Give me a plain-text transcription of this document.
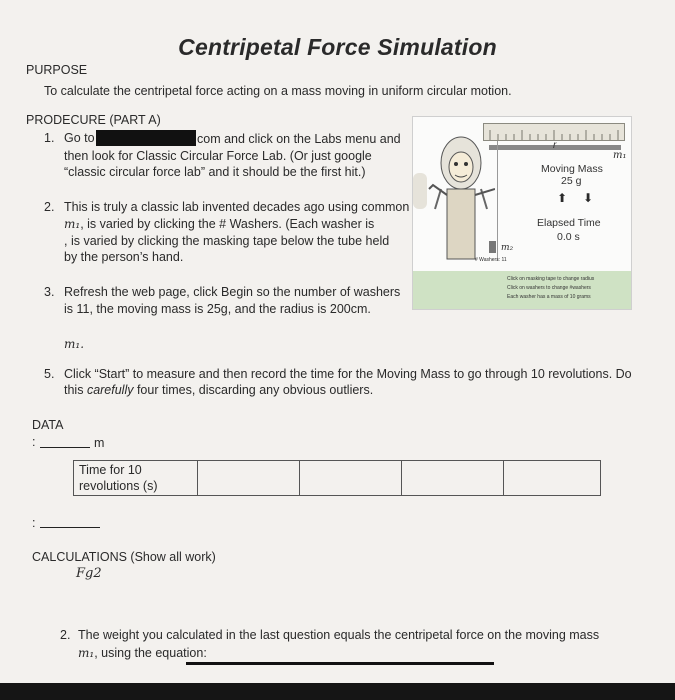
Centripetal Force Simulation
PURPOSE
To calculate the centripetal force acting on a mass moving in uniform circular motion.
PRODECURE (PART A)
1. Go to	com and click on the Labs menu and
then look for Classic Circular Force Lab. (Or just google
“classic circular force lab” and it should be the first hit.)
2. This is truly a classic lab invented decades ago using common
m₁, is varied by clicking the # Washers. (Each washer is
, is varied by clicking the masking tape below the tube held
by the person’s hand.
3. Refresh the web page, click Begin so the number of washers
is 11, the moving mass is 25g, and the radius is 200cm.
m₁.
5. Click “Start” to measure and then record the time for the Moving Mass to go through 10 revolutions. Do
this carefully four times, discarding any obvious outliers.
m₁
r
Moving Mass
25 g
⬆ ⬇
Elapsed Time
0.0 s
m₂
# Washers: 11
Click on masking tape to change radius
Click on washers to change #washers
Each washer has a mass of 10 grams
DATA
:	m
Time for 10
revolutions (s)

:
CALCULATIONS (Show all work)
Fg2
2. The weight you calculated in the last question equals the centripetal force on the moving mass
m₁, using the equation:
